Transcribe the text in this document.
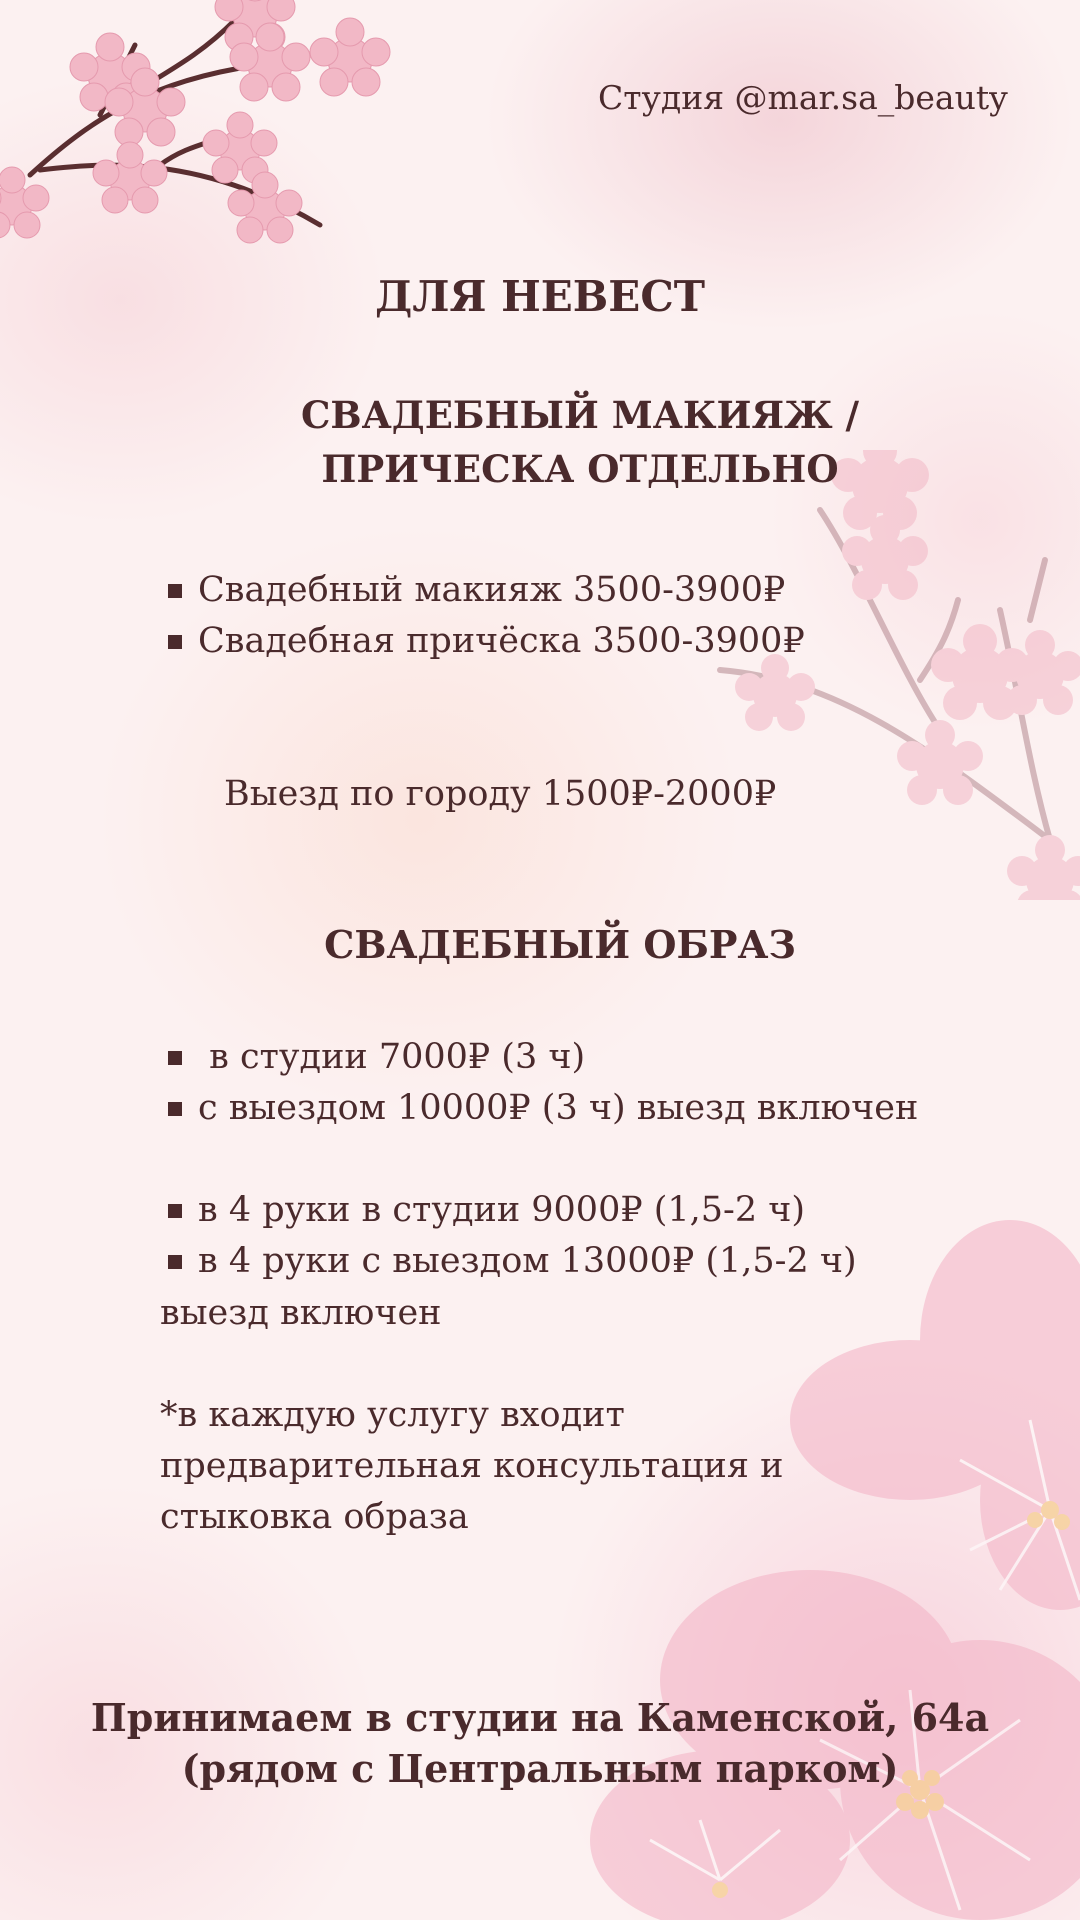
Студия @mar.sa_beauty

ДЛЯ НЕВЕСТ

СВАДЕБНЫЙ МАКИЯЖ /
ПРИЧЕСКА ОТДЕЛЬНО
Свадебный макияж 3500-3900₽
Свадебная причёска 3500-3900₽

Выезд по городу 1500₽-2000₽

СВАДЕБНЫЙ ОБРАЗ

в студии 7000₽ (3 ч)
с выездом 10000₽ (3 ч) выезд включен
в 4 руки в студии 9000₽ (1,5-2 ч)
в 4 руки с выездом 13000₽ (1,5-2 ч)
выезд включен
*в каждую услугу входит
предварительная консультация и
стыковка образа
Принимаем в студии на Каменской, 64а
(рядом с Центральным парком)
